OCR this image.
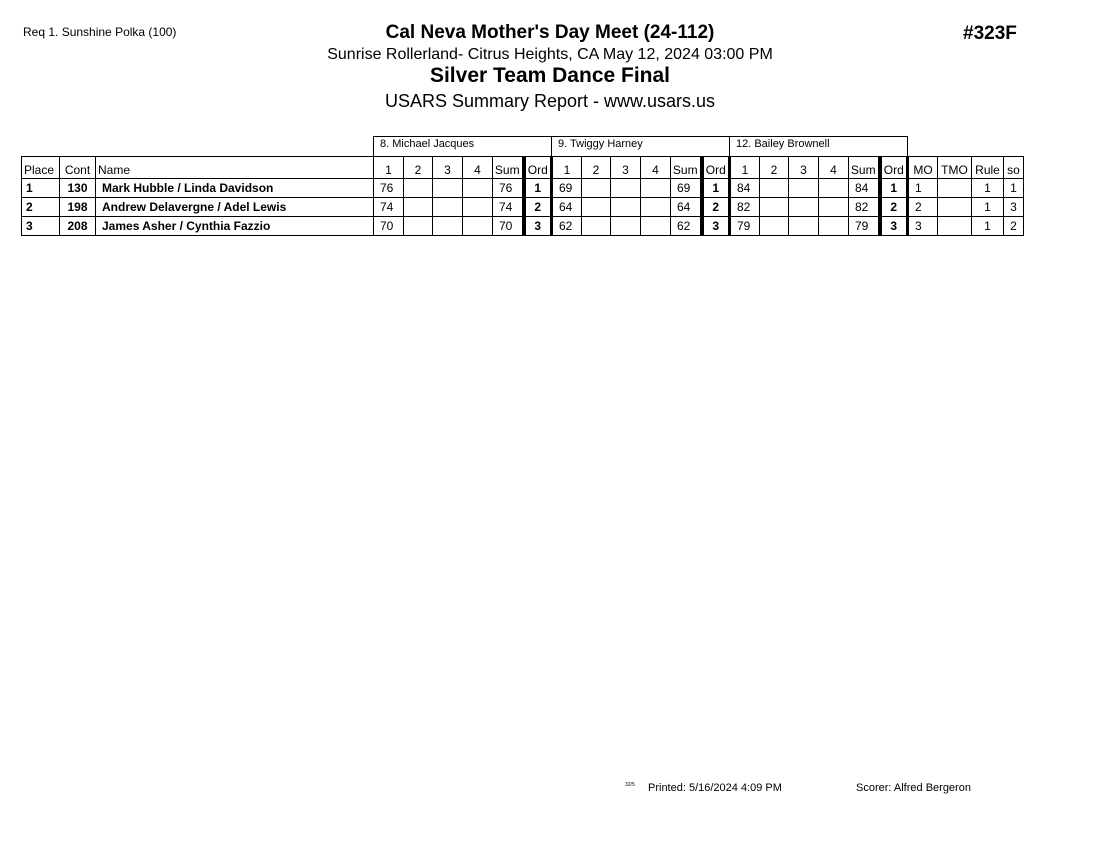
Req 1. Sunshine Polka (100)	Cal Neva Mother's Day Meet (24-112)
Sunrise Rollerland- Citrus Heights, CA May 12, 2024 03:00 PM
Silver Team Dance Final
USARS Summary Report - www.usars.us
#323F
			8. Michael Jacques						9. Twiggy Harney						12. Bailey Brownell									
Place	Cont	Name	1	2	3	4	Sum	Ord	1	2	3	4	Sum	Ord	1	2	3	4	Sum	Ord	MO	TMO	Rule	so
1	130	Mark Hubble / Linda Davidson	76				76	1	69				69	1	84				84	1	1		1	1
2	198	Andrew Delavergne / Adel Lewis	74				74	2	64				64	2	82				82	2	2		1	3
3	208	James Asher / Cynthia Fazzio	70				70	3	62				62	3	79				79	3	3		1	2
32/5 Printed: 5/16/2024 4:09 PM	Scorer: Alfred Bergeron
